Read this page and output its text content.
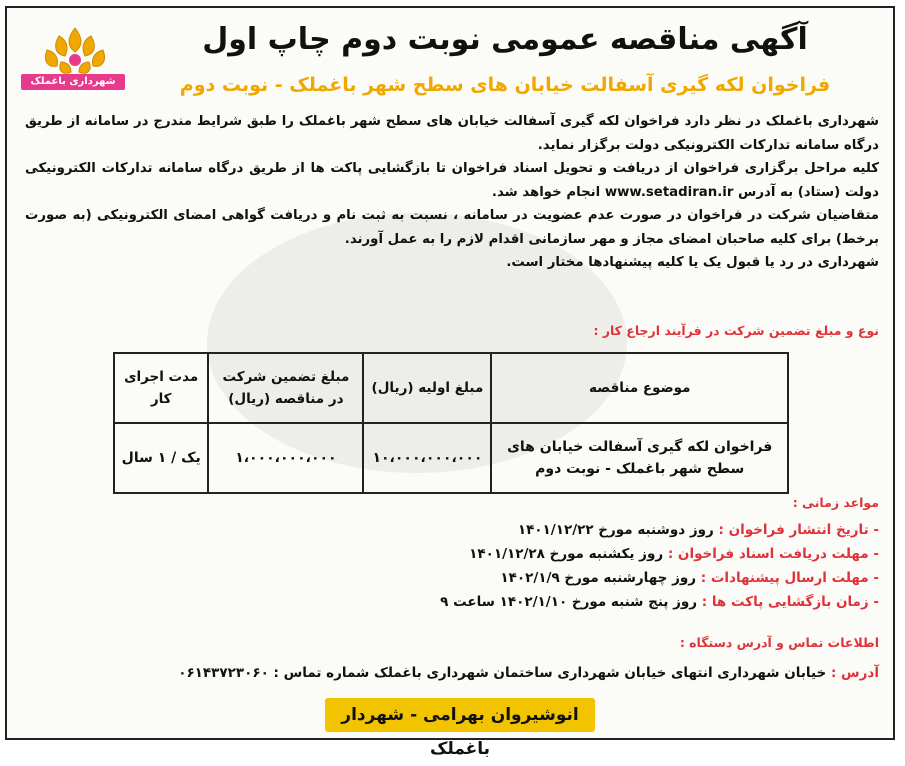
شهرداری باغملک
آگهی مناقصه عمومی نوبت دوم چاپ اول
فراخوان لکه گیری آسفالت خیابان های سطح شهر باغملک - نوبت دوم

شهرداری باغملک در نظر دارد فراخوان لکه گیری آسفالت خیابان های سطح شهر باغملک را طبق شرایط مندرج در سامانه از طریق درگاه سامانه تدارکات الکترونیکی دولت برگزار نماید.

کلیه مراحل برگزاری فراخوان از دریافت و تحویل اسناد فراخوان تا بازگشایی پاکت ها از طریق درگاه سامانه تدارکات الکترونیکی دولت (ستاد) به آدرس www.setadiran.ir انجام خواهد شد.

متقاضیان شرکت در فراخوان در صورت عدم عضویت در سامانه ، نسبت به ثبت نام و دریافت گواهی امضای الکترونیکی (به صورت برخط) برای کلیه صاحبان امضای مجاز و مهر سازمانی اقدام لازم را به عمل آورند.

شهرداری در رد یا قبول یک یا کلیه پیشنهادها مختار است.

نوع و مبلغ تضمین شرکت در فرآیند ارجاع کار :
موضوع مناقصه	مبلغ اولیه (ریال)	مبلغ تضمین شرکت در مناقصه (ریال)	مدت اجرای کار
فراخوان لکه گیری آسفالت خیابان های سطح شهر باغملک - نوبت دوم	۱۰،۰۰۰،۰۰۰،۰۰۰	۱،۰۰۰،۰۰۰،۰۰۰	یک / ۱ سال
مواعد زمانی :
- تاریخ انتشار فراخوان : روز دوشنبه مورخ ۱۴۰۱/۱۲/۲۲
- مهلت دریافت اسناد فراخوان : روز یکشنبه مورخ ۱۴۰۱/۱۲/۲۸
- مهلت ارسال پیشنهادات : روز چهارشنبه مورخ ۱۴۰۲/۱/۹
- زمان بازگشایی پاکت ها : روز پنج شنبه مورخ ۱۴۰۲/۱/۱۰ ساعت ۹
اطلاعات تماس و آدرس دستگاه :
آدرس : خیابان شهرداری انتهای خیابان شهرداری ساختمان شهرداری باغملک شماره تماس : ۰۶۱۴۳۷۲۳۰۶۰
انوشیروان بهرامی - شهردار باغملک
